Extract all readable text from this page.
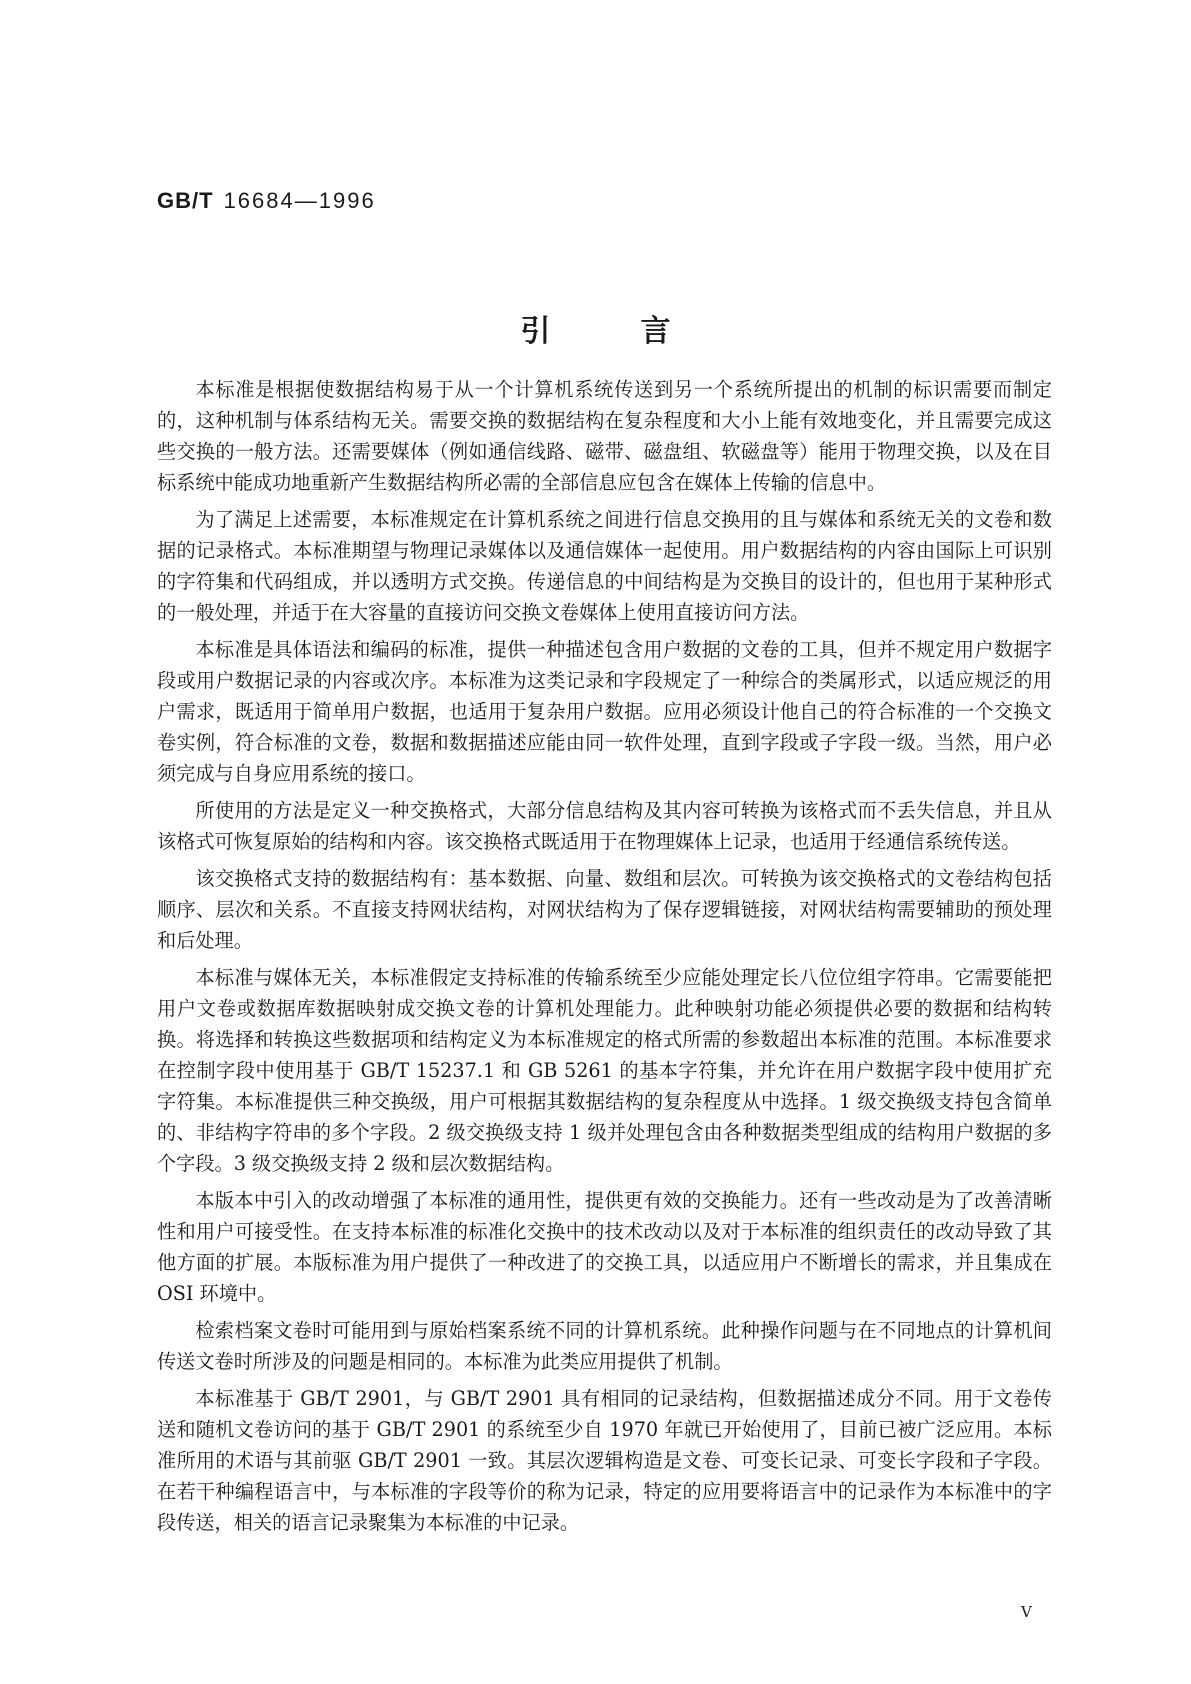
GB/T 16684—1996
引言

本标准是根据使数据结构易于从一个计算机系统传送到另一个系统所提出的机制的标识需要而制定的，这种机制与体系结构无关。需要交换的数据结构在复杂程度和大小上能有效地变化，并且需要完成这些交换的一般方法。还需要媒体（例如通信线路、磁带、磁盘组、软磁盘等）能用于物理交换，以及在目标系统中能成功地重新产生数据结构所必需的全部信息应包含在媒体上传输的信息中。

为了满足上述需要，本标准规定在计算机系统之间进行信息交换用的且与媒体和系统无关的文卷和数据的记录格式。本标准期望与物理记录媒体以及通信媒体一起使用。用户数据结构的内容由国际上可识别的字符集和代码组成，并以透明方式交换。传递信息的中间结构是为交换目的设计的，但也用于某种形式的一般处理，并适于在大容量的直接访问交换文卷媒体上使用直接访问方法。

本标准是具体语法和编码的标准，提供一种描述包含用户数据的文卷的工具，但并不规定用户数据字段或用户数据记录的内容或次序。本标准为这类记录和字段规定了一种综合的类属形式，以适应规泛的用户需求，既适用于简单用户数据，也适用于复杂用户数据。应用必须设计他自己的符合标准的一个交换文卷实例，符合标准的文卷，数据和数据描述应能由同一软件处理，直到字段或子字段一级。当然，用户必须完成与自身应用系统的接口。

所使用的方法是定义一种交换格式，大部分信息结构及其内容可转换为该格式而不丢失信息，并且从该格式可恢复原始的结构和内容。该交换格式既适用于在物理媒体上记录，也适用于经通信系统传送。

该交换格式支持的数据结构有：基本数据、向量、数组和层次。可转换为该交换格式的文卷结构包括顺序、层次和关系。不直接支持网状结构，对网状结构为了保存逻辑链接，对网状结构需要辅助的预处理和后处理。

本标准与媒体无关，本标准假定支持标准的传输系统至少应能处理定长八位位组字符串。它需要能把用户文卷或数据库数据映射成交换文卷的计算机处理能力。此种映射功能必须提供必要的数据和结构转换。将选择和转换这些数据项和结构定义为本标准规定的格式所需的参数超出本标准的范围。本标准要求在控制字段中使用基于 GB/T 15237.1 和 GB 5261 的基本字符集，并允许在用户数据字段中使用扩充字符集。本标准提供三种交换级，用户可根据其数据结构的复杂程度从中选择。1 级交换级支持包含简单的、非结构字符串的多个字段。2 级交换级支持 1 级并处理包含由各种数据类型组成的结构用户数据的多个字段。3 级交换级支持 2 级和层次数据结构。

本版本中引入的改动增强了本标准的通用性，提供更有效的交换能力。还有一些改动是为了改善清晰性和用户可接受性。在支持本标准的标准化交换中的技术改动以及对于本标准的组织责任的改动导致了其他方面的扩展。本版标准为用户提供了一种改进了的交换工具，以适应用户不断增长的需求，并且集成在 OSI 环境中。

检索档案文卷时可能用到与原始档案系统不同的计算机系统。此种操作问题与在不同地点的计算机间传送文卷时所涉及的问题是相同的。本标准为此类应用提供了机制。

本标准基于 GB/T 2901，与 GB/T 2901 具有相同的记录结构，但数据描述成分不同。用于文卷传送和随机文卷访问的基于 GB/T 2901 的系统至少自 1970 年就已开始使用了，目前已被广泛应用。本标准所用的术语与其前驱 GB/T 2901 一致。其层次逻辑构造是文卷、可变长记录、可变长字段和子字段。在若干种编程语言中，与本标准的字段等价的称为记录，特定的应用要将语言中的记录作为本标准中的字段传送，相关的语言记录聚集为本标准的中记录。

V
